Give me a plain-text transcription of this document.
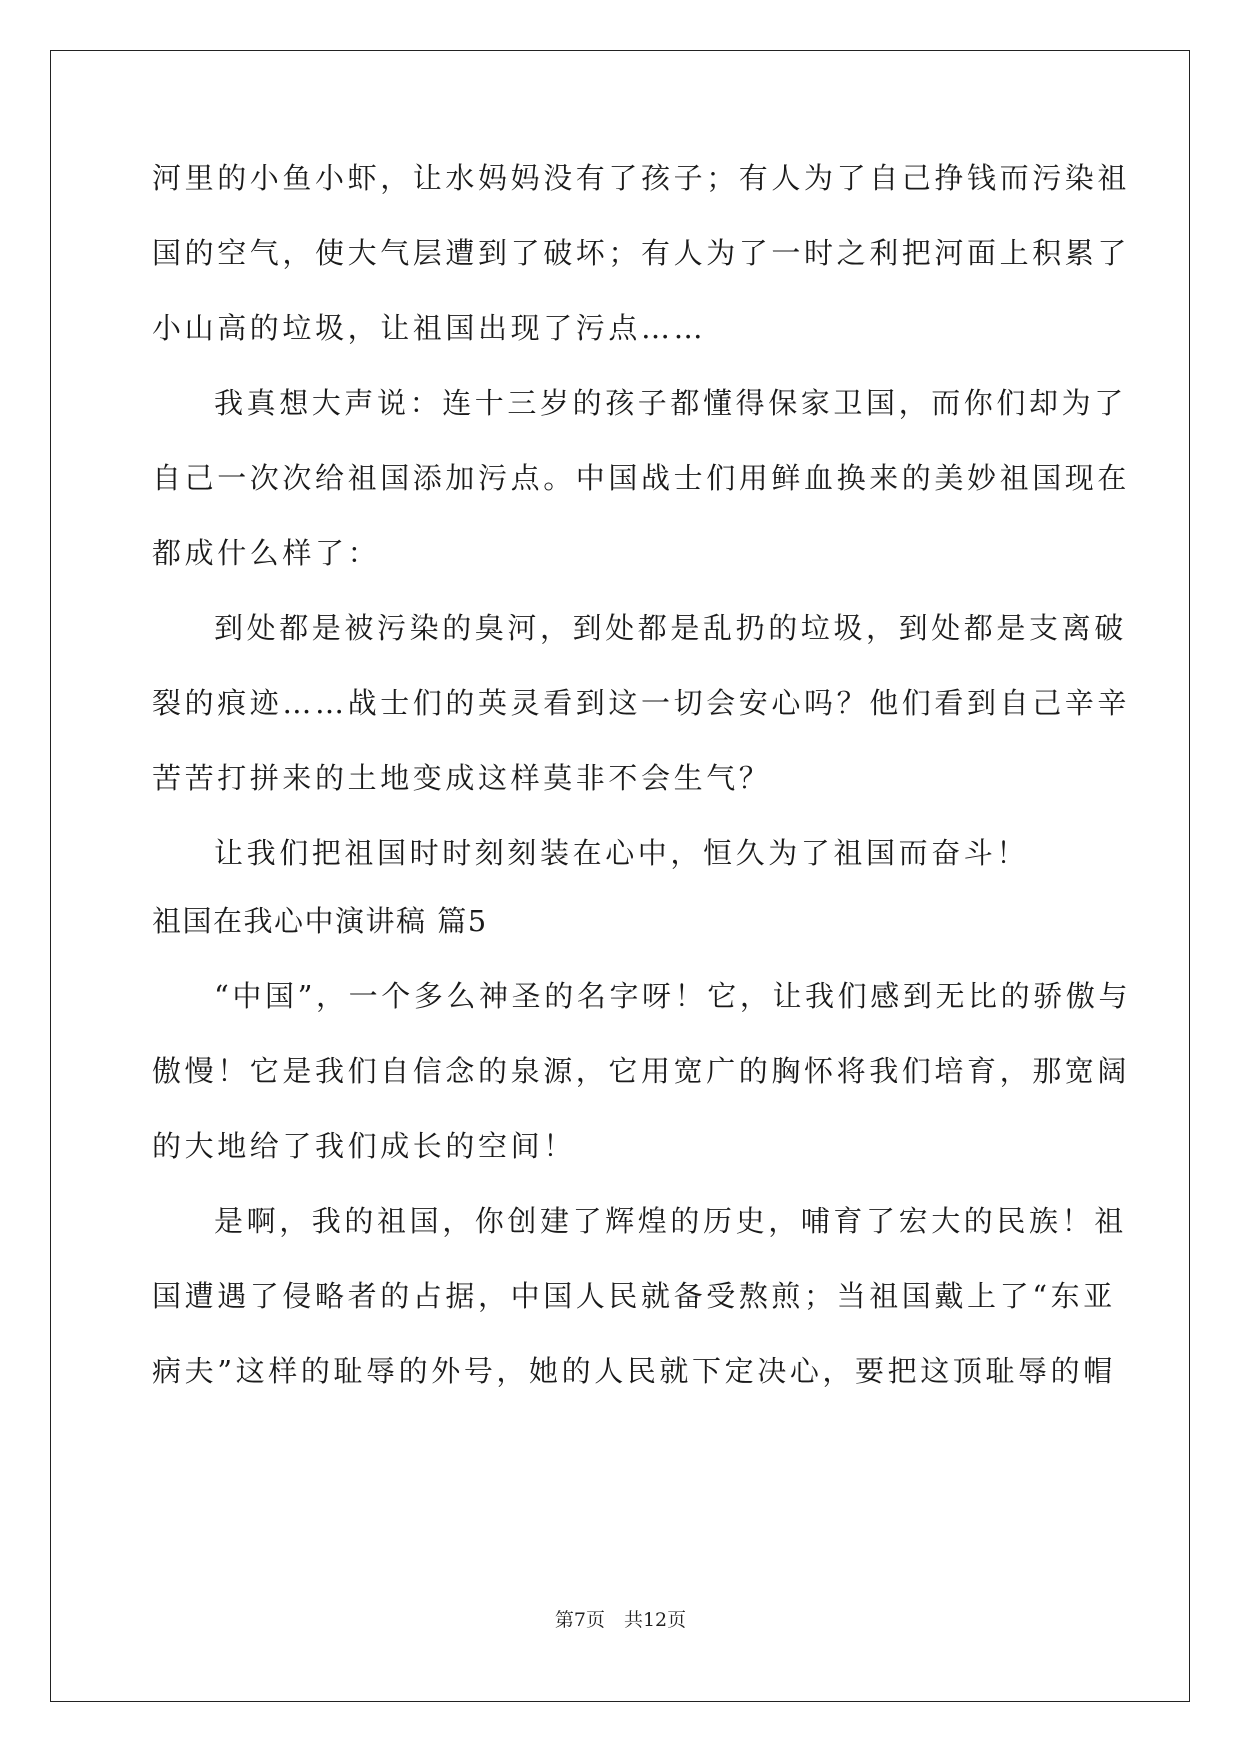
河里的小鱼小虾，让水妈妈没有了孩子；有人为了自己挣钱而污染祖
国的空气，使大气层遭到了破坏；有人为了一时之利把河面上积累了
小山高的垃圾，让祖国出现了污点……
我真想大声说：连十三岁的孩子都懂得保家卫国，而你们却为了
自己一次次给祖国添加污点。中国战士们用鲜血换来的美妙祖国现在
都成什么样了：
到处都是被污染的臭河，到处都是乱扔的垃圾，到处都是支离破
裂的痕迹……战士们的英灵看到这一切会安心吗？他们看到自己辛辛
苦苦打拼来的土地变成这样莫非不会生气？
让我们把祖国时时刻刻装在心中，恒久为了祖国而奋斗！
祖国在我心中演讲稿 篇5
“中国”，一个多么神圣的名字呀！它，让我们感到无比的骄傲与
傲慢！它是我们自信念的泉源，它用宽广的胸怀将我们培育，那宽阔
的大地给了我们成长的空间！
是啊，我的祖国，你创建了辉煌的历史，哺育了宏大的民族！祖
国遭遇了侵略者的占据，中国人民就备受熬煎；当祖国戴上了“东亚
病夫”这样的耻辱的外号，她的人民就下定决心，要把这顶耻辱的帽
第7页　共12页
